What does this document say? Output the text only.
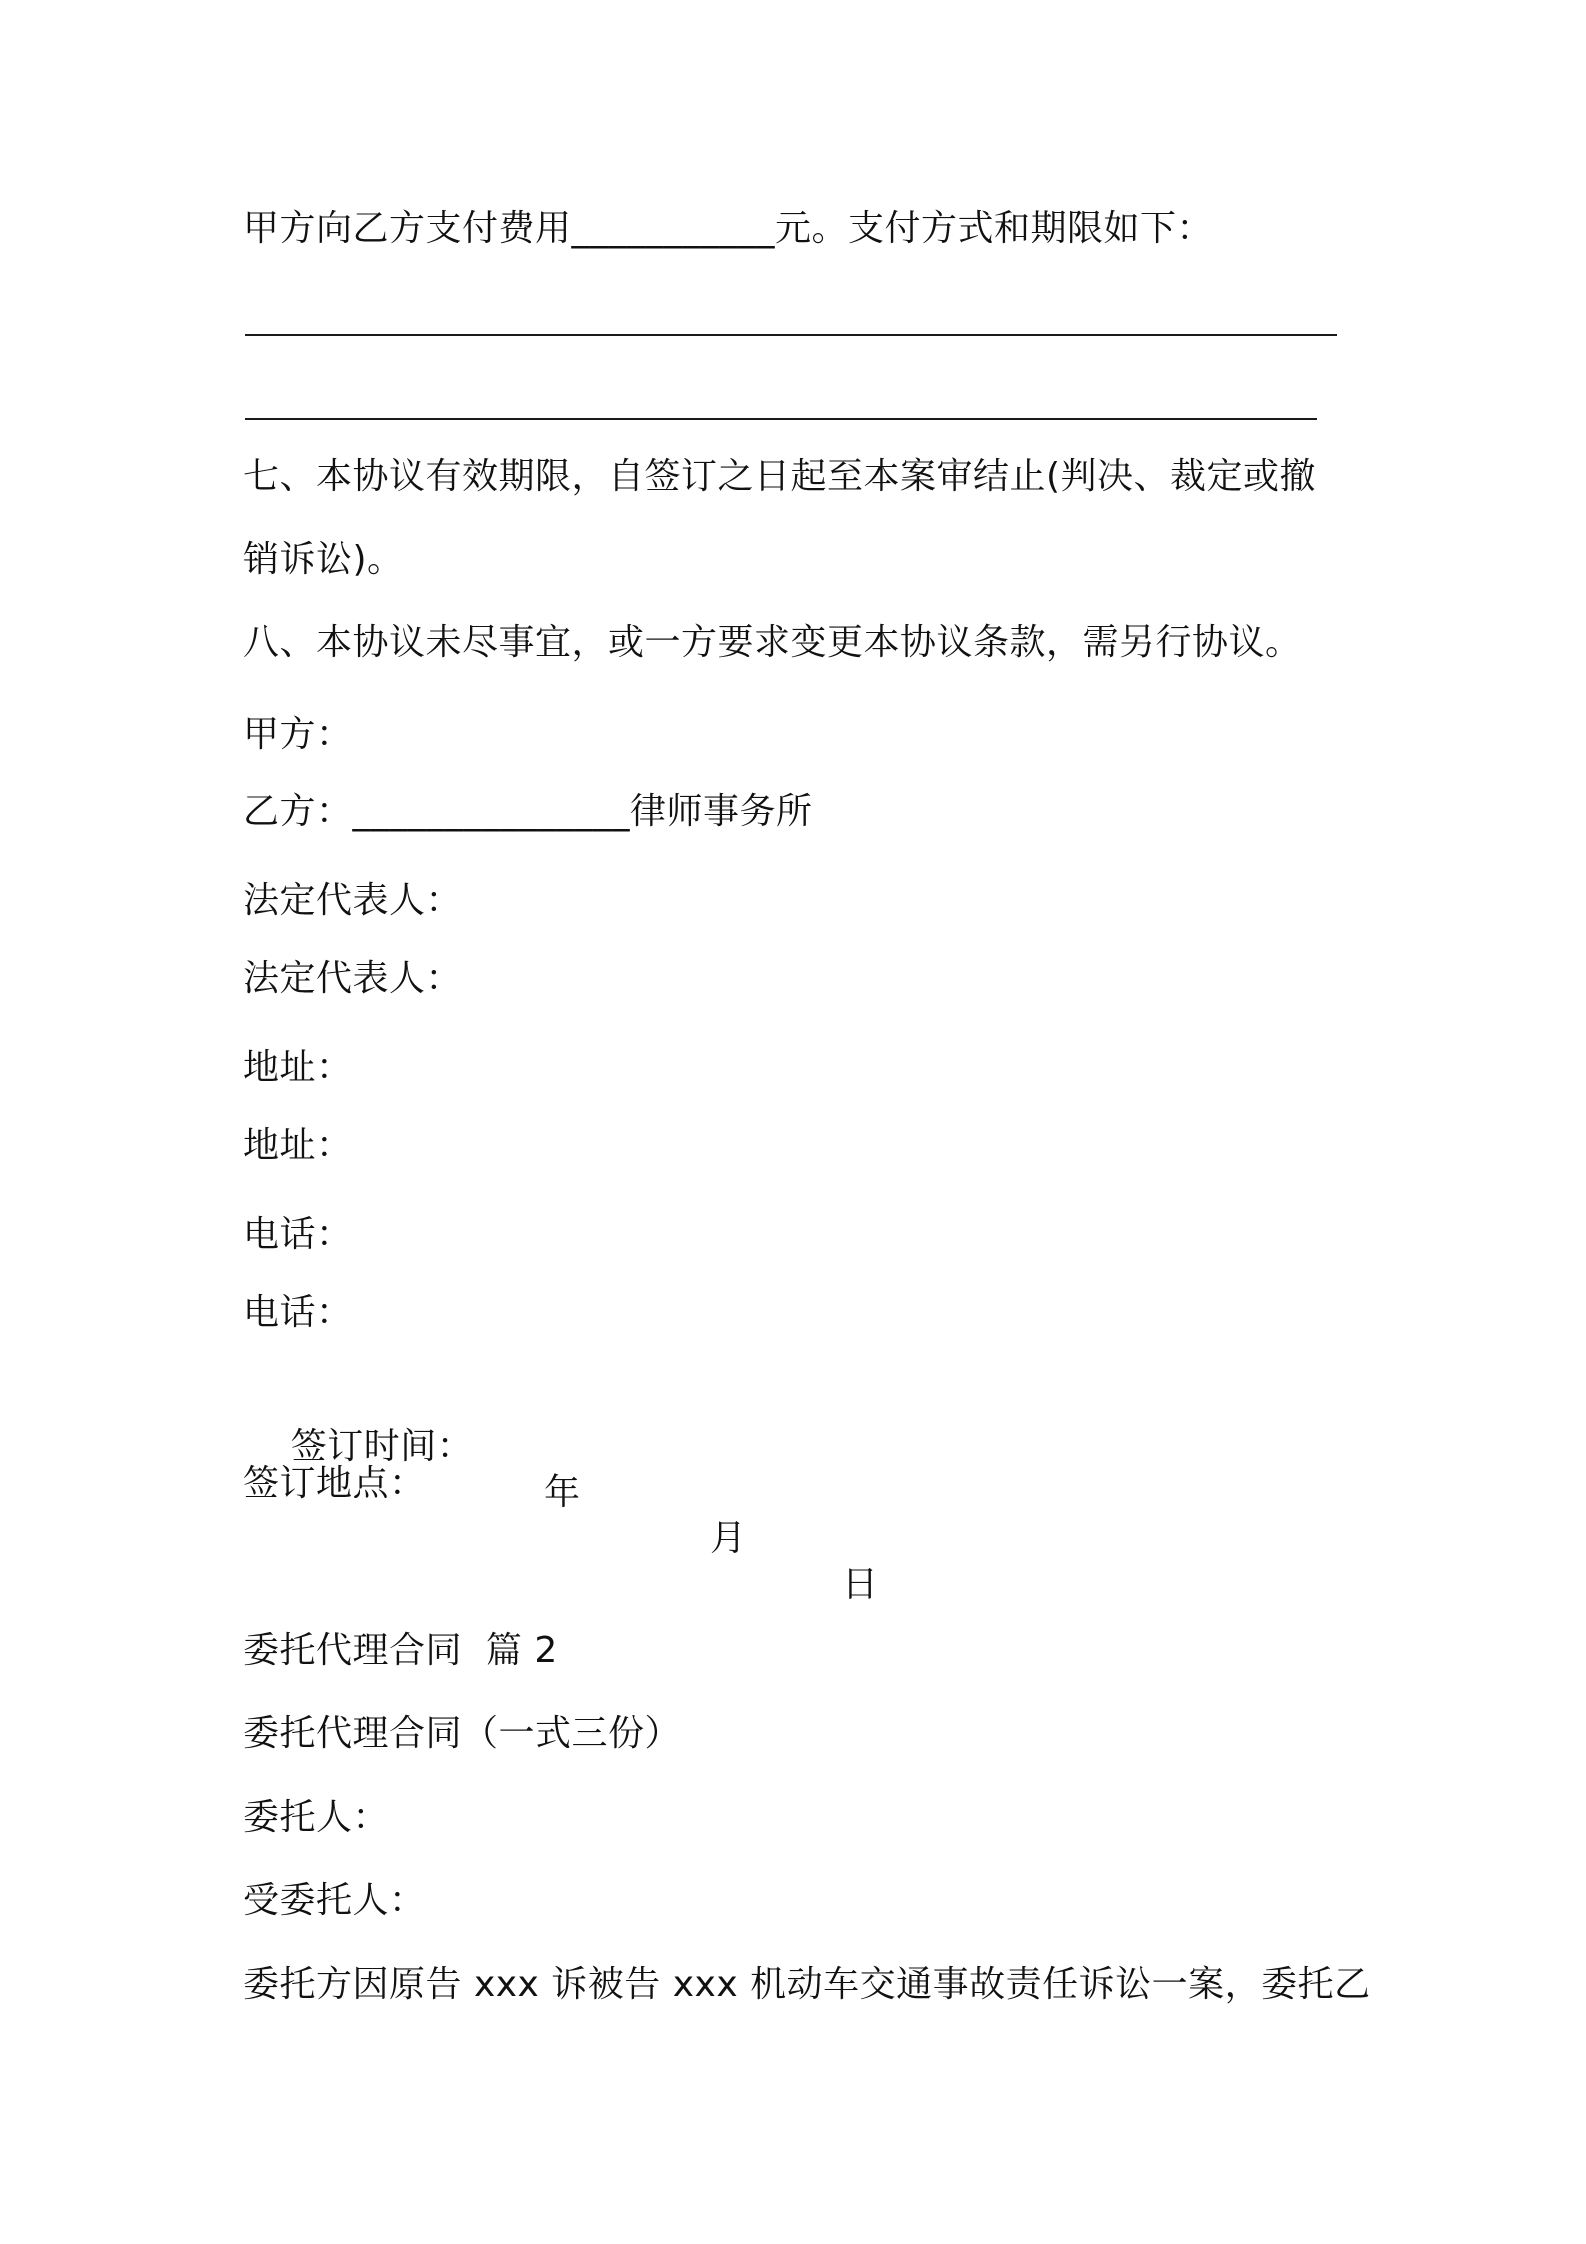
甲方向乙方支付费用___________元。支付方式和期限如下：
七、本协议有效期限，自签订之日起至本案审结止(判决、裁定或撤
销诉讼)。
八、本协议未尽事宜，或一方要求变更本协议条款，需另行协议。
甲方：
乙方：_______________律师事务所
法定代表人：
法定代表人：
地址：
地址：
电话：
电话：

签订时间：

年

月

日

签订地点：
委托代理合同  篇 2
委托代理合同（一式三份）
委托人：
受委托人：
委托方因原告 xxx 诉被告 xxx 机动车交通事故责任诉讼一案，委托乙
